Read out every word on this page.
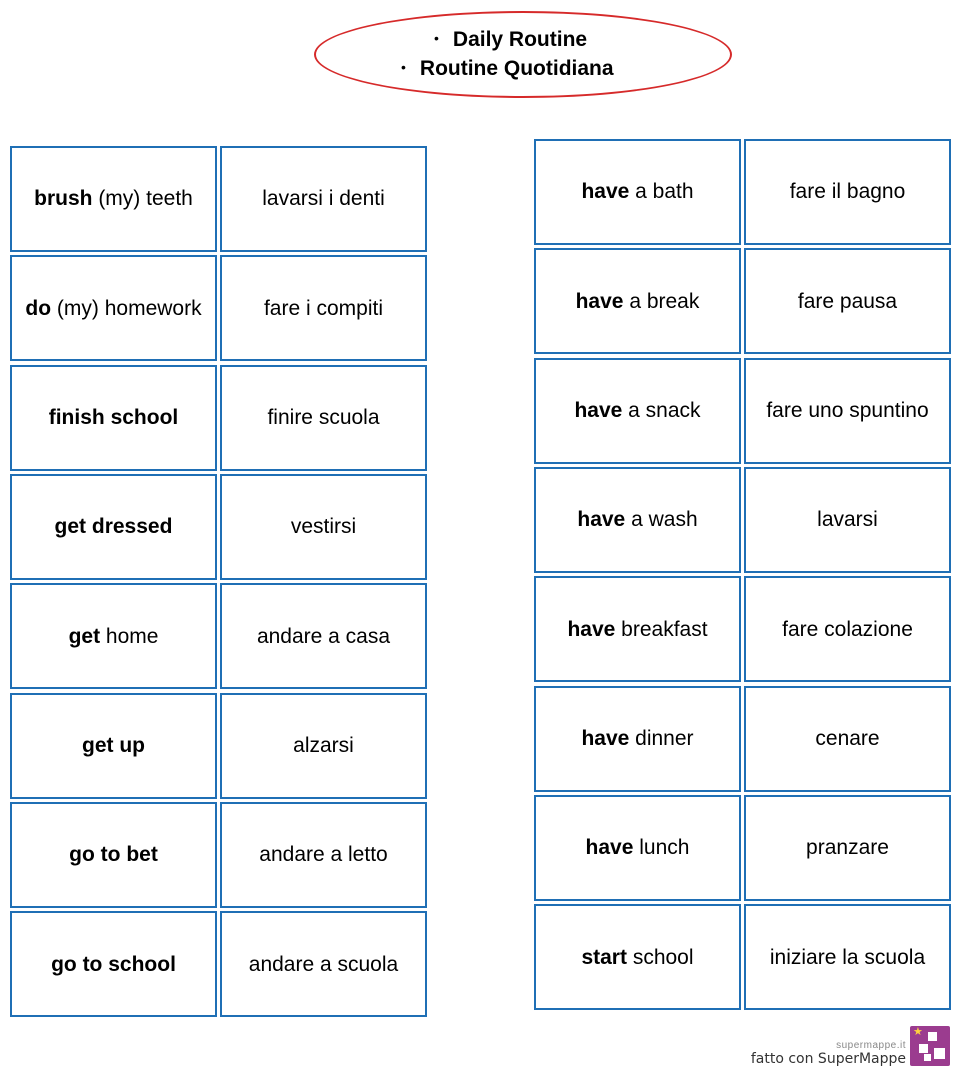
• Daily Routine
• Routine Quotidiana
supermappe.it
fatto con SuperMappe
★
brush (my) teeth	lavarsi i denti
do (my) homework	fare i compiti
finish school	finire scuola
get dressed	vestirsi
get home	andare a casa
get up	alzarsi
go to bet	andare a letto
go to school	andare a scuola
have a bath	fare il bagno
have a break	fare pausa
have a snack	fare uno spuntino
have a wash	lavarsi
have breakfast	fare colazione
have dinner	cenare
have lunch	pranzare
start school	iniziare la scuola
